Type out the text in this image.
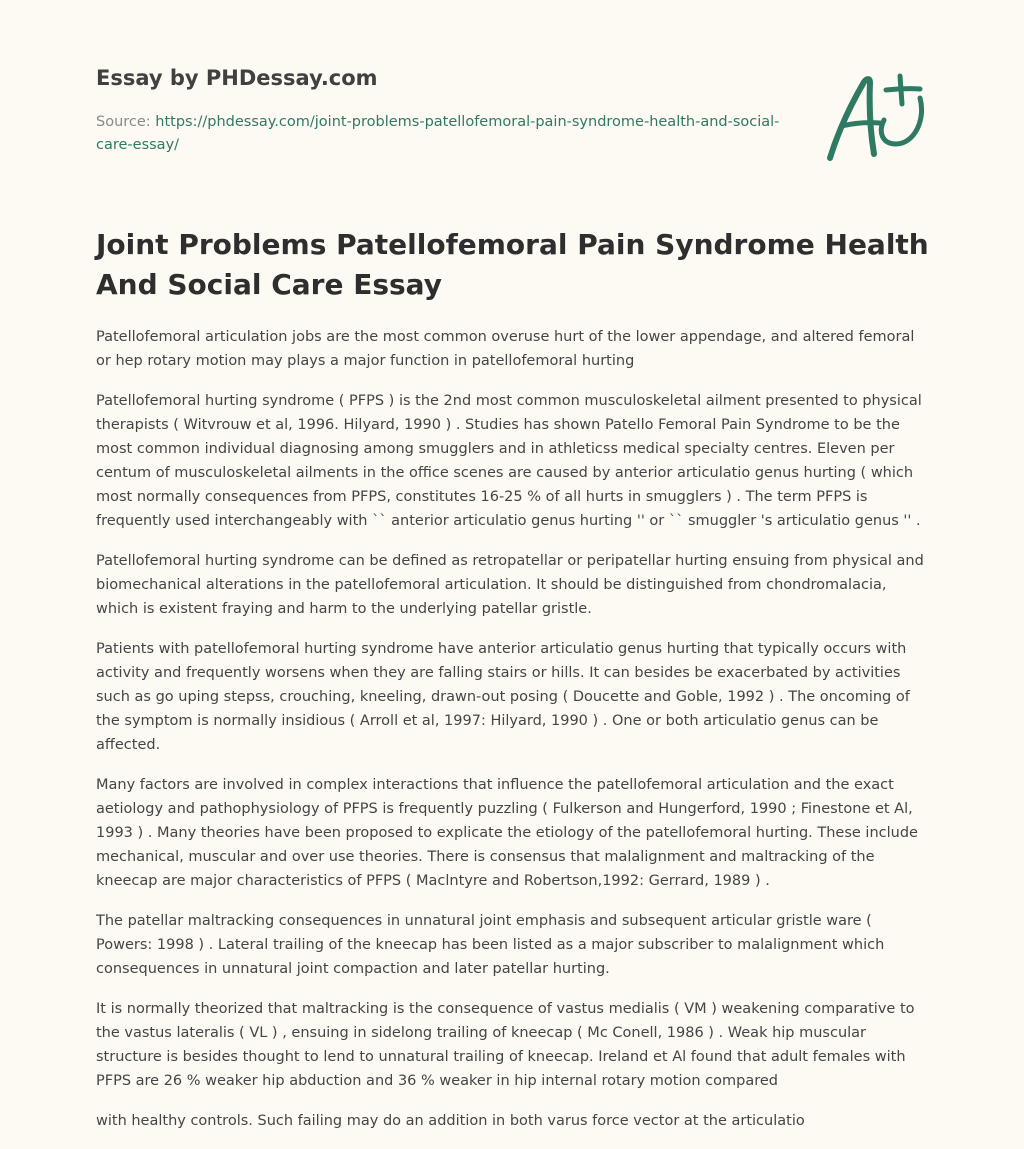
Essay by PHDessay.com
Source: https://phdessay.com/joint-problems-patellofemoral-pain-syndrome-health-and-social-care-essay/
Joint Problems Patellofemoral Pain Syndrome Health And Social Care Essay

Patellofemoral articulation jobs are the most common overuse hurt of the lower appendage, and altered femoral or hep rotary motion may plays a major function in patellofemoral hurting

Patellofemoral hurting syndrome ( PFPS ) is the 2nd most common musculoskeletal ailment presented to physical therapists ( Witvrouw et al, 1996. Hilyard, 1990 ) . Studies has shown Patello Femoral Pain Syndrome to be the most common individual diagnosing among smugglers and in athleticss medical specialty centres. Eleven per centum of musculoskeletal ailments in the office scenes are caused by anterior articulatio genus hurting ( which most normally consequences from PFPS, constitutes 16-25 % of all hurts in smugglers ) . The term PFPS is frequently used interchangeably with `` anterior articulatio genus hurting '' or `` smuggler 's articulatio genus '' .

Patellofemoral hurting syndrome can be defined as retropatellar or peripatellar hurting ensuing from physical and biomechanical alterations in the patellofemoral articulation. It should be distinguished from chondromalacia, which is existent fraying and harm to the underlying patellar gristle.

Patients with patellofemoral hurting syndrome have anterior articulatio genus hurting that typically occurs with activity and frequently worsens when they are falling stairs or hills. It can besides be exacerbated by activities such as go uping stepss, crouching, kneeling, drawn-out posing ( Doucette and Goble, 1992 ) . The oncoming of the symptom is normally insidious ( Arroll et al, 1997: Hilyard, 1990 ) . One or both articulatio genus can be affected.

Many factors are involved in complex interactions that influence the patellofemoral articulation and the exact aetiology and pathophysiology of PFPS is frequently puzzling ( Fulkerson and Hungerford, 1990 ; Finestone et Al, 1993 ) . Many theories have been proposed to explicate the etiology of the patellofemoral hurting. These include mechanical, muscular and over use theories. There is consensus that malalignment and maltracking of the kneecap are major characteristics of PFPS ( Maclntyre and Robertson,1992: Gerrard, 1989 ) .

The patellar maltracking consequences in unnatural joint emphasis and subsequent articular gristle ware ( Powers: 1998 ) . Lateral trailing of the kneecap has been listed as a major subscriber to malalignment which consequences in unnatural joint compaction and later patellar hurting.

It is normally theorized that maltracking is the consequence of vastus medialis ( VM ) weakening comparative to the vastus lateralis ( VL ) , ensuing in sidelong trailing of kneecap ( Mc Conell, 1986 ) . Weak hip muscular structure is besides thought to lend to unnatural trailing of kneecap. Ireland et Al found that adult females with PFPS are 26 % weaker hip abduction and 36 % weaker in hip internal rotary motion compared

with healthy controls. Such failing may do an addition in both varus force vector at the articulatio
